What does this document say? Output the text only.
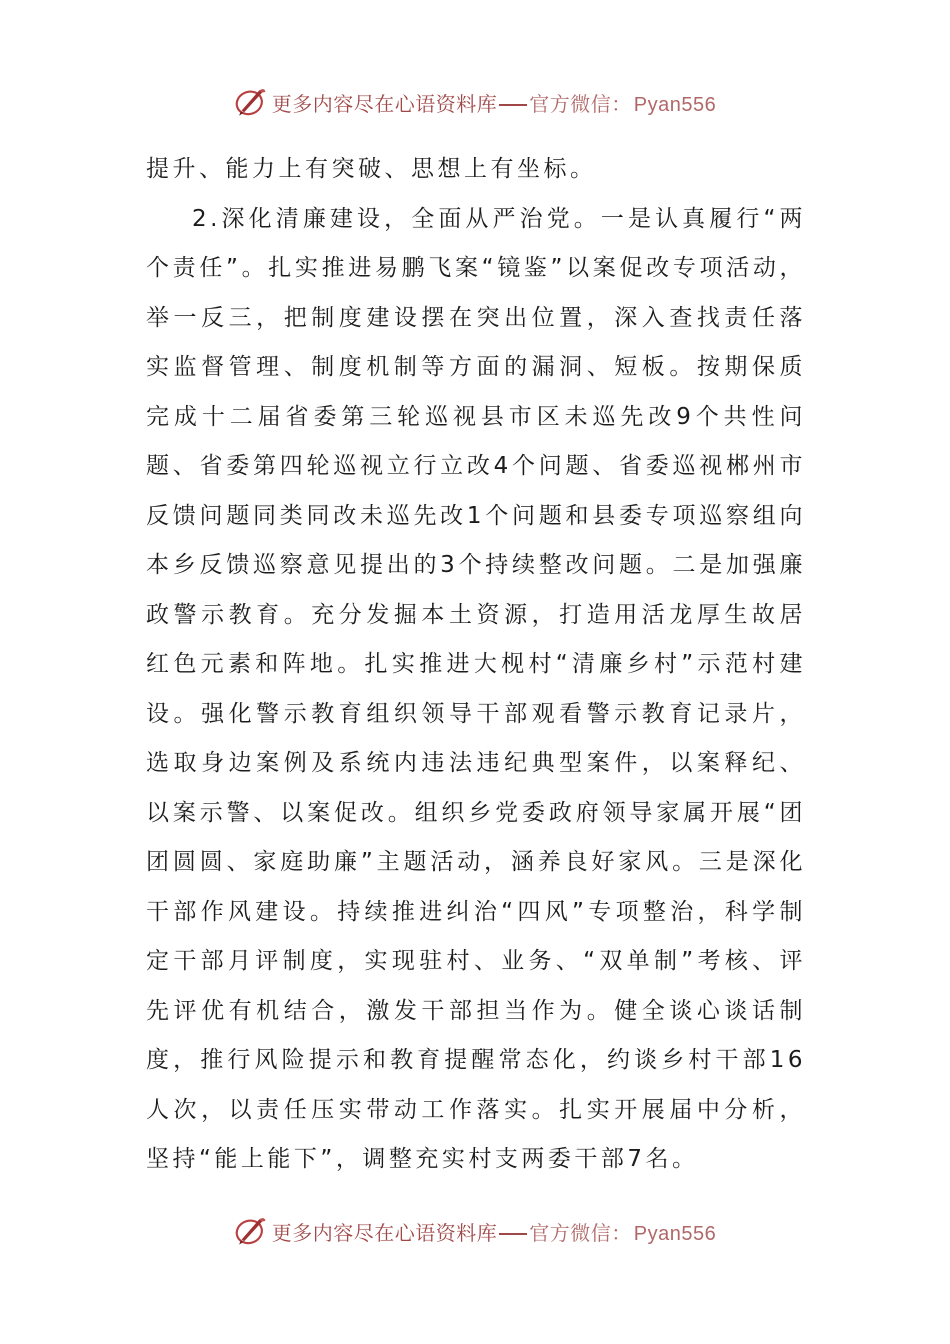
更多内容尽在心语资料库 官方微信： Pyan556

提升、能力上有突破、思想上有坐标。

2.深化清廉建设，全面从严治党。一是认真履行“两个责任”。扎实推进易鹏飞案“镜鉴”以案促改专项活动，举一反三，把制度建设摆在突出位置，深入查找责任落实监督管理、制度机制等方面的漏洞、短板。按期保质完成十二届省委第三轮巡视县市区未巡先改9个共性问题、省委第四轮巡视立行立改4个问题、省委巡视郴州市反馈问题同类同改未巡先改1个问题和县委专项巡察组向本乡反馈巡察意见提出的3个持续整改问题。二是加强廉政警示教育。充分发掘本土资源，打造用活龙厚生故居红色元素和阵地。扎实推进大枧村“清廉乡村”示范村建设。强化警示教育组织领导干部观看警示教育记录片，选取身边案例及系统内违法违纪典型案件，以案释纪、以案示警、以案促改。组织乡党委政府领导家属开展“团团圆圆、家庭助廉”主题活动，涵养良好家风。三是深化干部作风建设。持续推进纠治“四风”专项整治，科学制定干部月评制度，实现驻村、业务、“双单制”考核、评先评优有机结合，激发干部担当作为。健全谈心谈话制度，推行风险提示和教育提醒常态化，约谈乡村干部16人次，以责任压实带动工作落实。扎实开展届中分析，坚持“能上能下”，调整充实村支两委干部7名。

更多内容尽在心语资料库 官方微信： Pyan556
